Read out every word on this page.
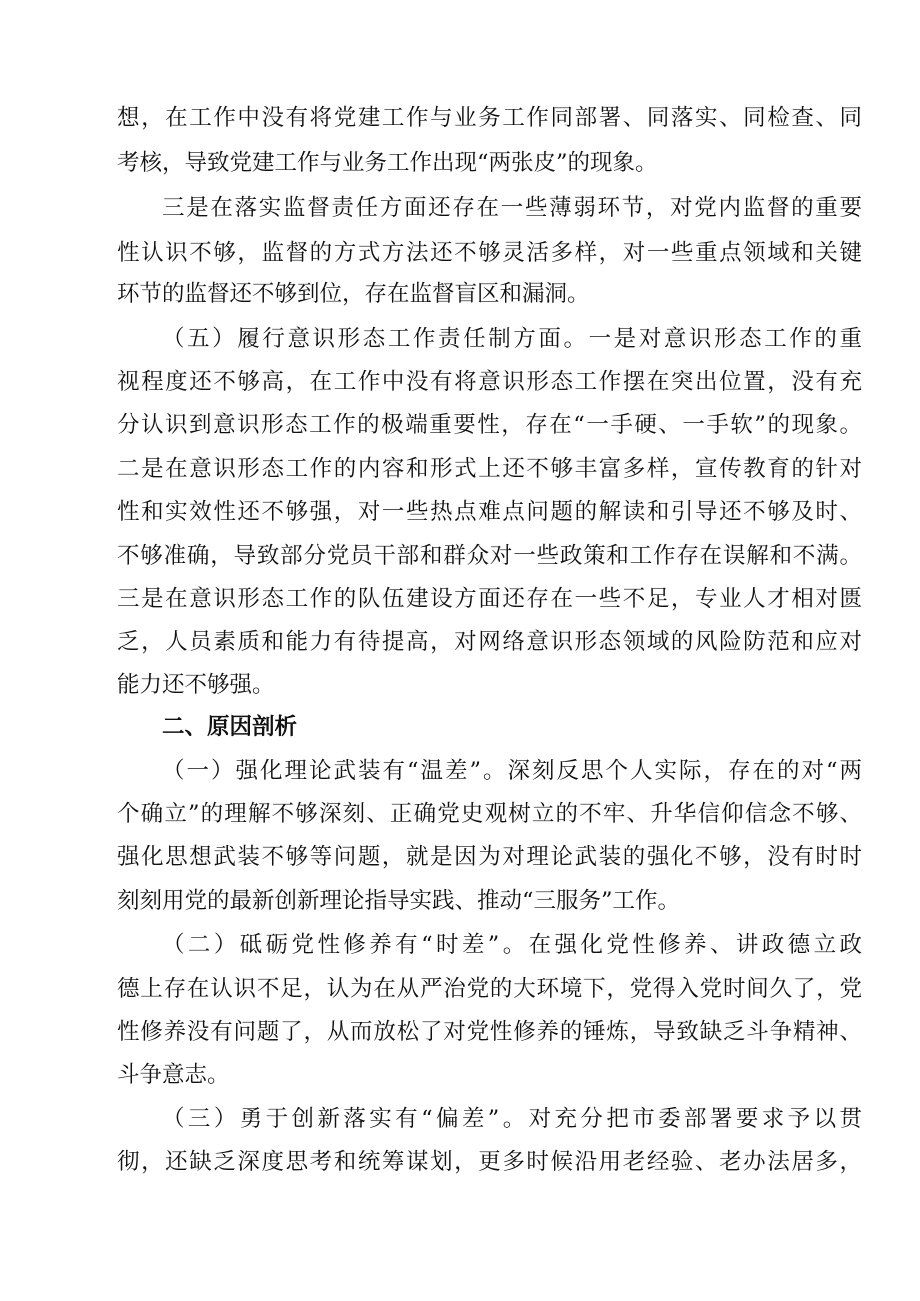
想，在工作中没有将党建工作与业务工作同部署、同落实、同检查、同
考核，导致党建工作与业务工作出现“两张皮”的现象。
三是在落实监督责任方面还存在一些薄弱环节，对党内监督的重要
性认识不够，监督的方式方法还不够灵活多样，对一些重点领域和关键
环节的监督还不够到位，存在监督盲区和漏洞。
（五）履行意识形态工作责任制方面。一是对意识形态工作的重
视程度还不够高，在工作中没有将意识形态工作摆在突出位置，没有充
分认识到意识形态工作的极端重要性，存在“一手硬、一手软”的现象。
二是在意识形态工作的内容和形式上还不够丰富多样，宣传教育的针对
性和实效性还不够强，对一些热点难点问题的解读和引导还不够及时、
不够准确，导致部分党员干部和群众对一些政策和工作存在误解和不满。
三是在意识形态工作的队伍建设方面还存在一些不足，专业人才相对匮
乏，人员素质和能力有待提高，对网络意识形态领域的风险防范和应对
能力还不够强。
二、原因剖析
（一）强化理论武装有“温差”。深刻反思个人实际，存在的对“两
个确立”的理解不够深刻、正确党史观树立的不牢、升华信仰信念不够、
强化思想武装不够等问题，就是因为对理论武装的强化不够，没有时时
刻刻用党的最新创新理论指导实践、推动“三服务”工作。
（二）砥砺党性修养有“时差”。在强化党性修养、讲政德立政
德上存在认识不足，认为在从严治党的大环境下，党得入党时间久了，党
性修养没有问题了，从而放松了对党性修养的锤炼，导致缺乏斗争精神、
斗争意志。
（三）勇于创新落实有“偏差”。对充分把市委部署要求予以贯
彻，还缺乏深度思考和统筹谋划，更多时候沿用老经验、老办法居多，
